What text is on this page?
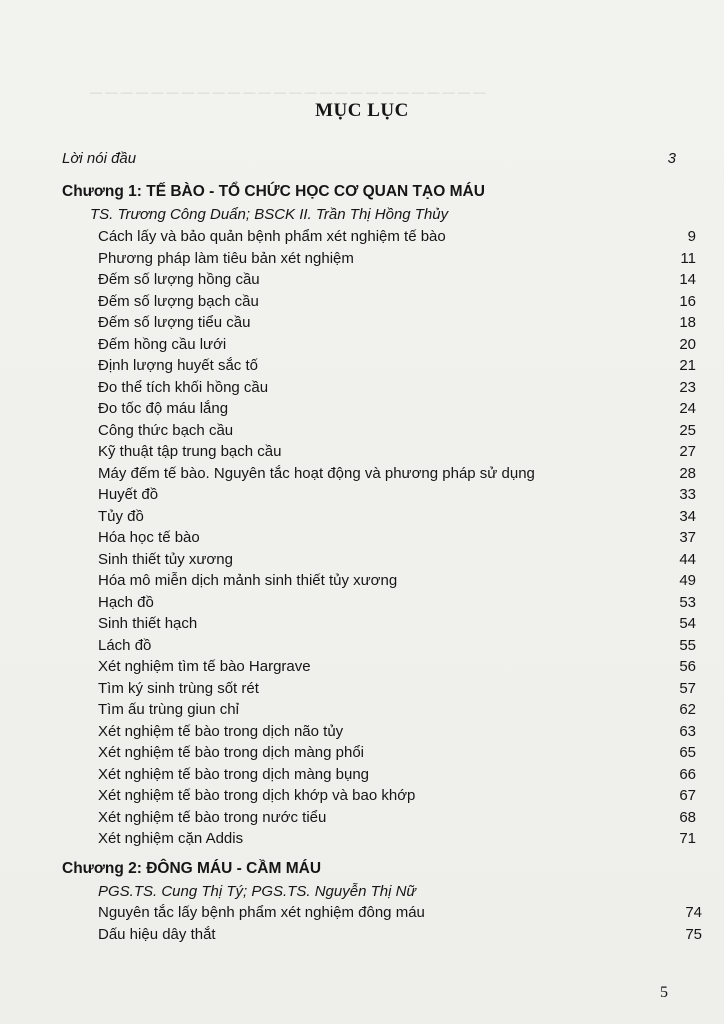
— — — — — — — — — — — — — — — — — — — — — — — — — —
MỤC LỤC
Lời nói đầu	3
Chương 1: TẾ BÀO - TỔ CHỨC HỌC CƠ QUAN TẠO MÁU
TS. Trương Công Duẩn; BSCK II. Trần Thị Hồng Thủy
Cách lấy và bảo quản bệnh phẩm xét nghiệm tế bào	9
Phương pháp làm tiêu bản xét nghiệm	11
Đếm số lượng hồng cầu	14
Đếm số lượng bạch cầu	16
Đếm số lượng tiểu cầu	18
Đếm hồng cầu lưới	20
Định lượng huyết sắc tố	21
Đo thể tích khối hồng cầu	23
Đo tốc độ máu lắng	24
Công thức bạch cầu	25
Kỹ thuật tập trung bạch cầu	27
Máy đếm tế bào. Nguyên tắc hoạt động và phương pháp sử dụng	28
Huyết đồ	33
Tủy đồ	34
Hóa học tế bào	37
Sinh thiết tủy xương	44
Hóa mô miễn dịch mảnh sinh thiết tủy xương	49
Hạch đồ	53
Sinh thiết hạch	54
Lách đồ	55
Xét nghiệm tìm tế bào Hargrave	56
Tìm ký sinh trùng sốt rét	57
Tìm ấu trùng giun chỉ	62
Xét nghiệm tế bào trong dịch não tủy	63
Xét nghiệm tế bào trong dịch màng phổi	65
Xét nghiệm tế bào trong dịch màng bụng	66
Xét nghiệm tế bào trong dịch khớp và bao khớp	67
Xét nghiệm tế bào trong nước tiểu	68
Xét nghiệm cặn Addis	71
Chương 2: ĐÔNG MÁU - CẦM MÁU
PGS.TS. Cung Thị Tý; PGS.TS. Nguyễn Thị Nữ
Nguyên tắc lấy bệnh phẩm xét nghiệm đông máu	74
Dấu hiệu dây thắt	75
5
